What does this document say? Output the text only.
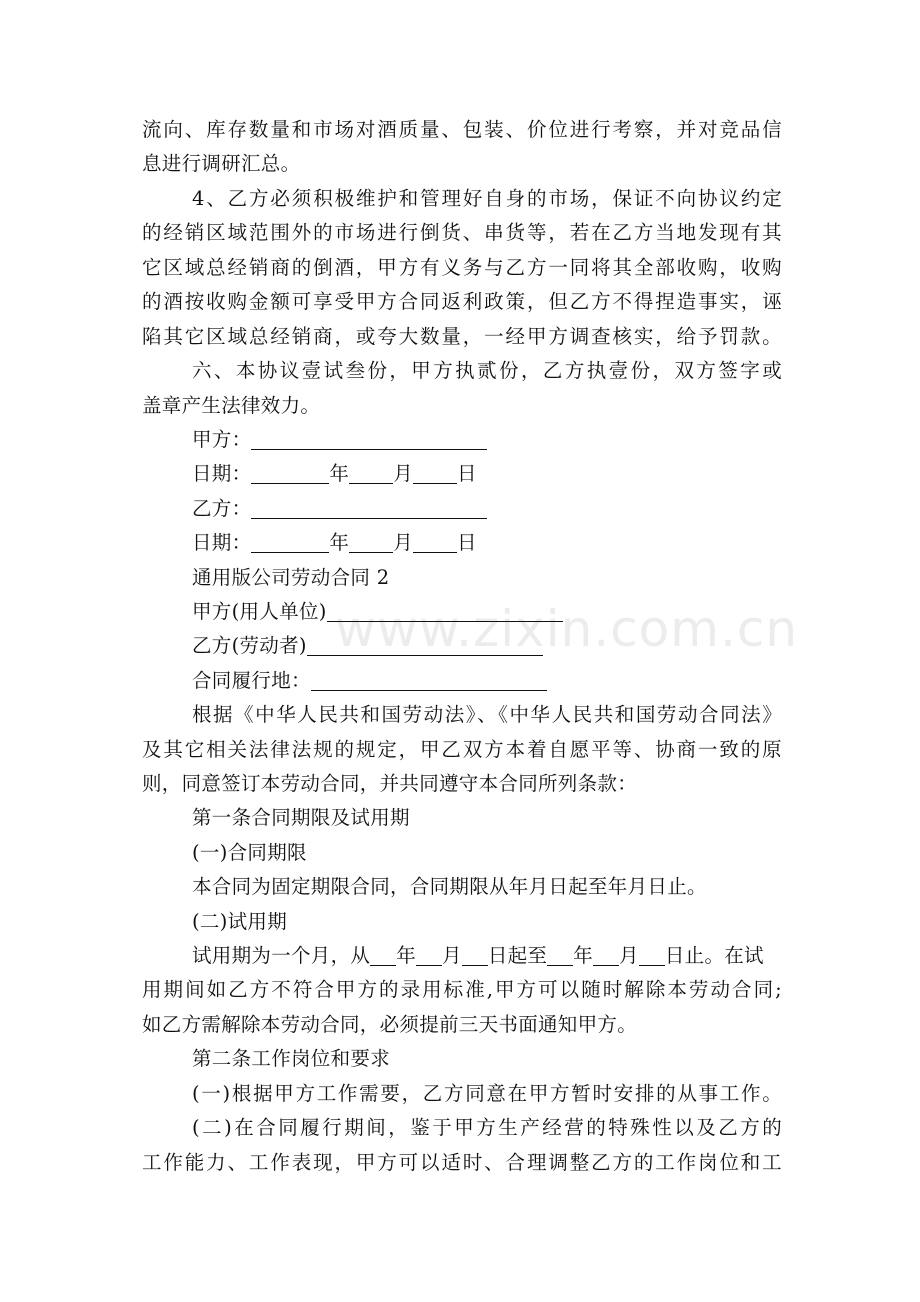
www.zixin.com.cn
流向、库存数量和市场对酒质量、包装、价位进行考察，并对竞品信
息进行调研汇总。
4、乙方必须积极维护和管理好自身的市场，保证不向协议约定
的经销区域范围外的市场进行倒货、串货等，若在乙方当地发现有其
它区域总经销商的倒酒，甲方有义务与乙方一同将其全部收购，收购
的酒按收购金额可享受甲方合同返利政策，但乙方不得捏造事实，诬
陷其它区域总经销商，或夸大数量，一经甲方调查核实，给予罚款。
六、本协议壹试叁份，甲方执贰份，乙方执壹份，双方签字或
盖章产生法律效力。
甲方：
日期：	年 月 日
乙方：
日期：	年 月 日
通用版公司劳动合同 2
甲方(用人单位)
乙方(劳动者)
合同履行地：
根据《中华人民共和国劳动法》、《中华人民共和国劳动合同法》
及其它相关法律法规的规定，甲乙双方本着自愿平等、协商一致的原
则，同意签订本劳动合同，并共同遵守本合同所列条款：
第一条合同期限及试用期
(一)合同期限
本合同为固定期限合同，合同期限从年月日起至年月日止。
(二)试用期
试用期为一个月，从 年 月 日起至 年 月 日止。在试
用期间如乙方不符合甲方的录用标准,甲方可以随时解除本劳动合同;
如乙方需解除本劳动合同，必须提前三天书面通知甲方。
第二条工作岗位和要求
(一)根据甲方工作需要，乙方同意在甲方暂时安排的从事工作。
(二)在合同履行期间，鉴于甲方生产经营的特殊性以及乙方的
工作能力、工作表现，甲方可以适时、合理调整乙方的工作岗位和工
